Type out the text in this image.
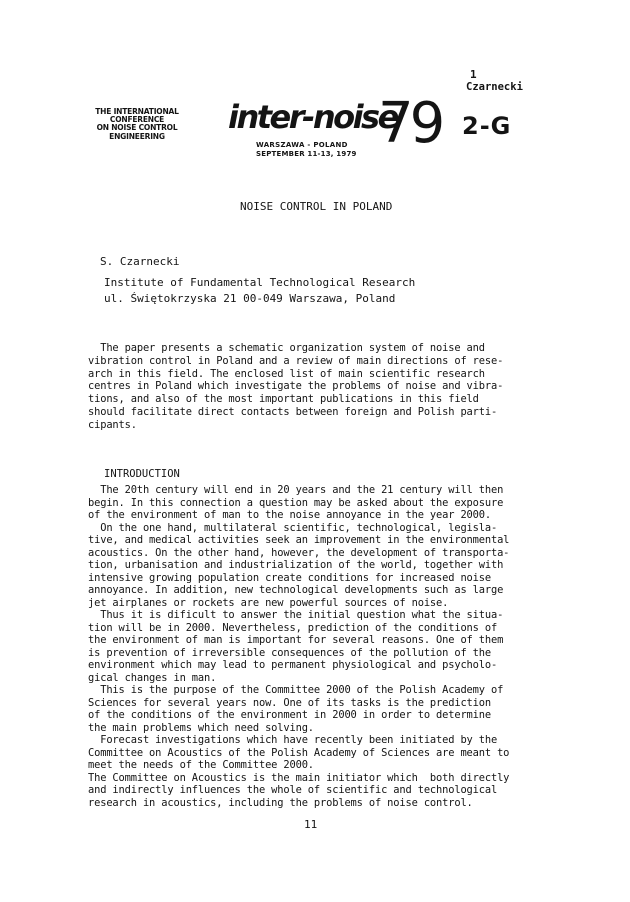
1
Czarnecki
THE INTERNATIONAL
CONFERENCE
ON NOISE CONTROL
ENGINEERING
inter-noise
79
WARSZAWA - POLAND
SEPTEMBER 11-13, 1979
2-G
NOISE CONTROL IN POLAND
S. Czarnecki
Institute of Fundamental Technological Research
ul. Świętokrzyska 21 00-049 Warszawa, Poland
The paper presents a schematic organization system of noise and
vibration control in Poland and a review of main directions of rese-
arch in this field. The enclosed list of main scientific research
centres in Poland which investigate the problems of noise and vibra-
tions, and also of the most important publications in this field
should facilitate direct contacts between foreign and Polish parti-
cipants.
INTRODUCTION
The 20th century will end in 20 years and the 21 century will then
begin. In this connection a question may be asked about the exposure
of the environment of man to the noise annoyance in the year 2000.
On the one hand, multilateral scientific, technological, legisla-
tive, and medical activities seek an improvement in the environmental
acoustics. On the other hand, however, the development of transporta-
tion, urbanisation and industrialization of the world, together with
intensive growing population create conditions for increased noise
annoyance. In addition, new technological developments such as large
jet airplanes or rockets are new powerful sources of noise.
Thus it is dificult to answer the initial question what the situa-
tion will be in 2000. Nevertheless, prediction of the conditions of
the environment of man is important for several reasons. One of them
is prevention of irreversible consequences of the pollution of the
environment which may lead to permanent physiological and psycholo-
gical changes in man.
This is the purpose of the Committee 2000 of the Polish Academy of
Sciences for several years now. One of its tasks is the prediction
of the conditions of the environment in 2000 in order to determine
the main problems which need solving.
Forecast investigations which have recently been initiated by the
Committee on Acoustics of the Polish Academy of Sciences are meant to
meet the needs of the Committee 2000.
The Committee on Acoustics is the main initiator which  both directly
and indirectly influences the whole of scientific and technological
research in acoustics, including the problems of noise control.
11
